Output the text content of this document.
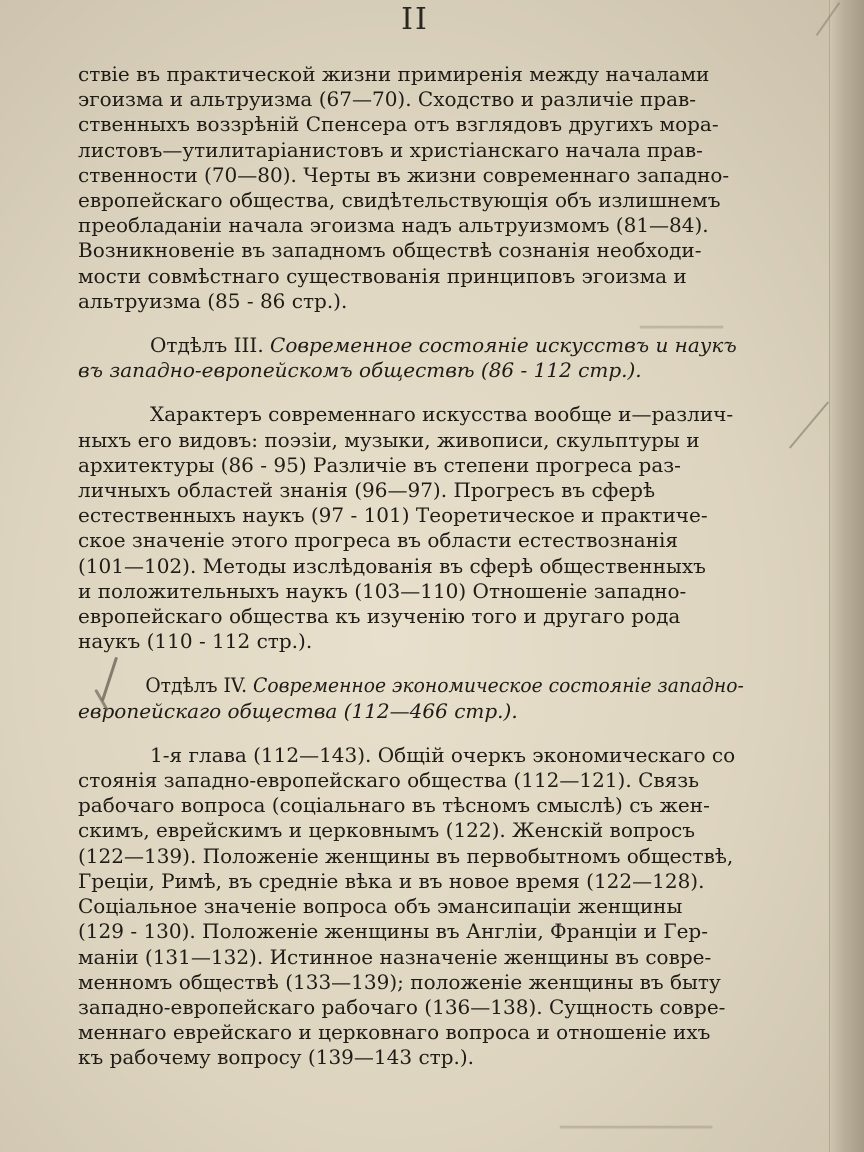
▁▁▁▁▁▁
▁▁▁▁▁▁▁▁▁▁▁
II
ствіе въ практической жизни примиренія между началами
эгоизма и альтруизма (67—70). Сходство и различіе прав-
ственныхъ воззрѣній Спенсера отъ взглядовъ другихъ мора-
листовъ—утилитаріанистовъ и христіанскаго начала прав-
ственности (70—80). Черты въ жизни современнаго западно-
европейскаго общества, свидѣтельствующія объ излишнемъ
преобладаніи начала эгоизма надъ альтруизмомъ (81—84).
Возникновеніе въ западномъ обществѣ сознанія необходи-
мости совмѣстнаго существованія принциповъ эгоизма и
альтруизма (85 - 86 стр.).
Отдѣлъ III. Современное состояніе искусствъ и наукъ
въ западно-европейскомъ обществѣ (86 - 112 стр.).
Характеръ современнаго искусства вообще и—различ-
ныхъ его видовъ: поэзіи, музыки, живописи, скульптуры и
архитектуры (86 - 95) Различіе въ степени прогреса раз-
личныхъ областей знанія (96—97). Прогресъ въ сферѣ
естественныхъ наукъ (97 - 101) Теоретическое и практиче-
ское значеніе этого прогреса въ области естествознанія
(101—102). Методы изслѣдованія въ сферѣ общественныхъ
и положительныхъ наукъ (103—110) Отношеніе западно-
европейскаго общества къ изученію того и другаго рода
наукъ (110 - 112 стр.).
Отдѣлъ IV. Современное экономическое состояніе западно-
европейскаго общества (112—466 стр.).
1-я глава (112—143). Общій очеркъ экономическаго со
стоянія западно-европейскаго общества (112—121). Связь
рабочаго вопроса (соціальнаго въ тѣсномъ смыслѣ) съ жен-
скимъ, еврейскимъ и церковнымъ (122). Женскій вопросъ
(122—139). Положеніе женщины въ первобытномъ обществѣ,
Греціи, Римѣ, въ средніе вѣка и въ новое время (122—128).
Соціальное значеніе вопроса объ эмансипаціи женщины
(129 - 130). Положеніе женщины въ Англіи, Франціи и Гер-
маніи (131—132). Истинное назначеніе женщины въ совре-
менномъ обществѣ (133—139); положеніе женщины въ быту
западно-европейскаго рабочаго (136—138). Сущность совре-
меннаго еврейскаго и церковнаго вопроса и отношеніе ихъ
къ рабочему вопросу (139—143 стр.).
